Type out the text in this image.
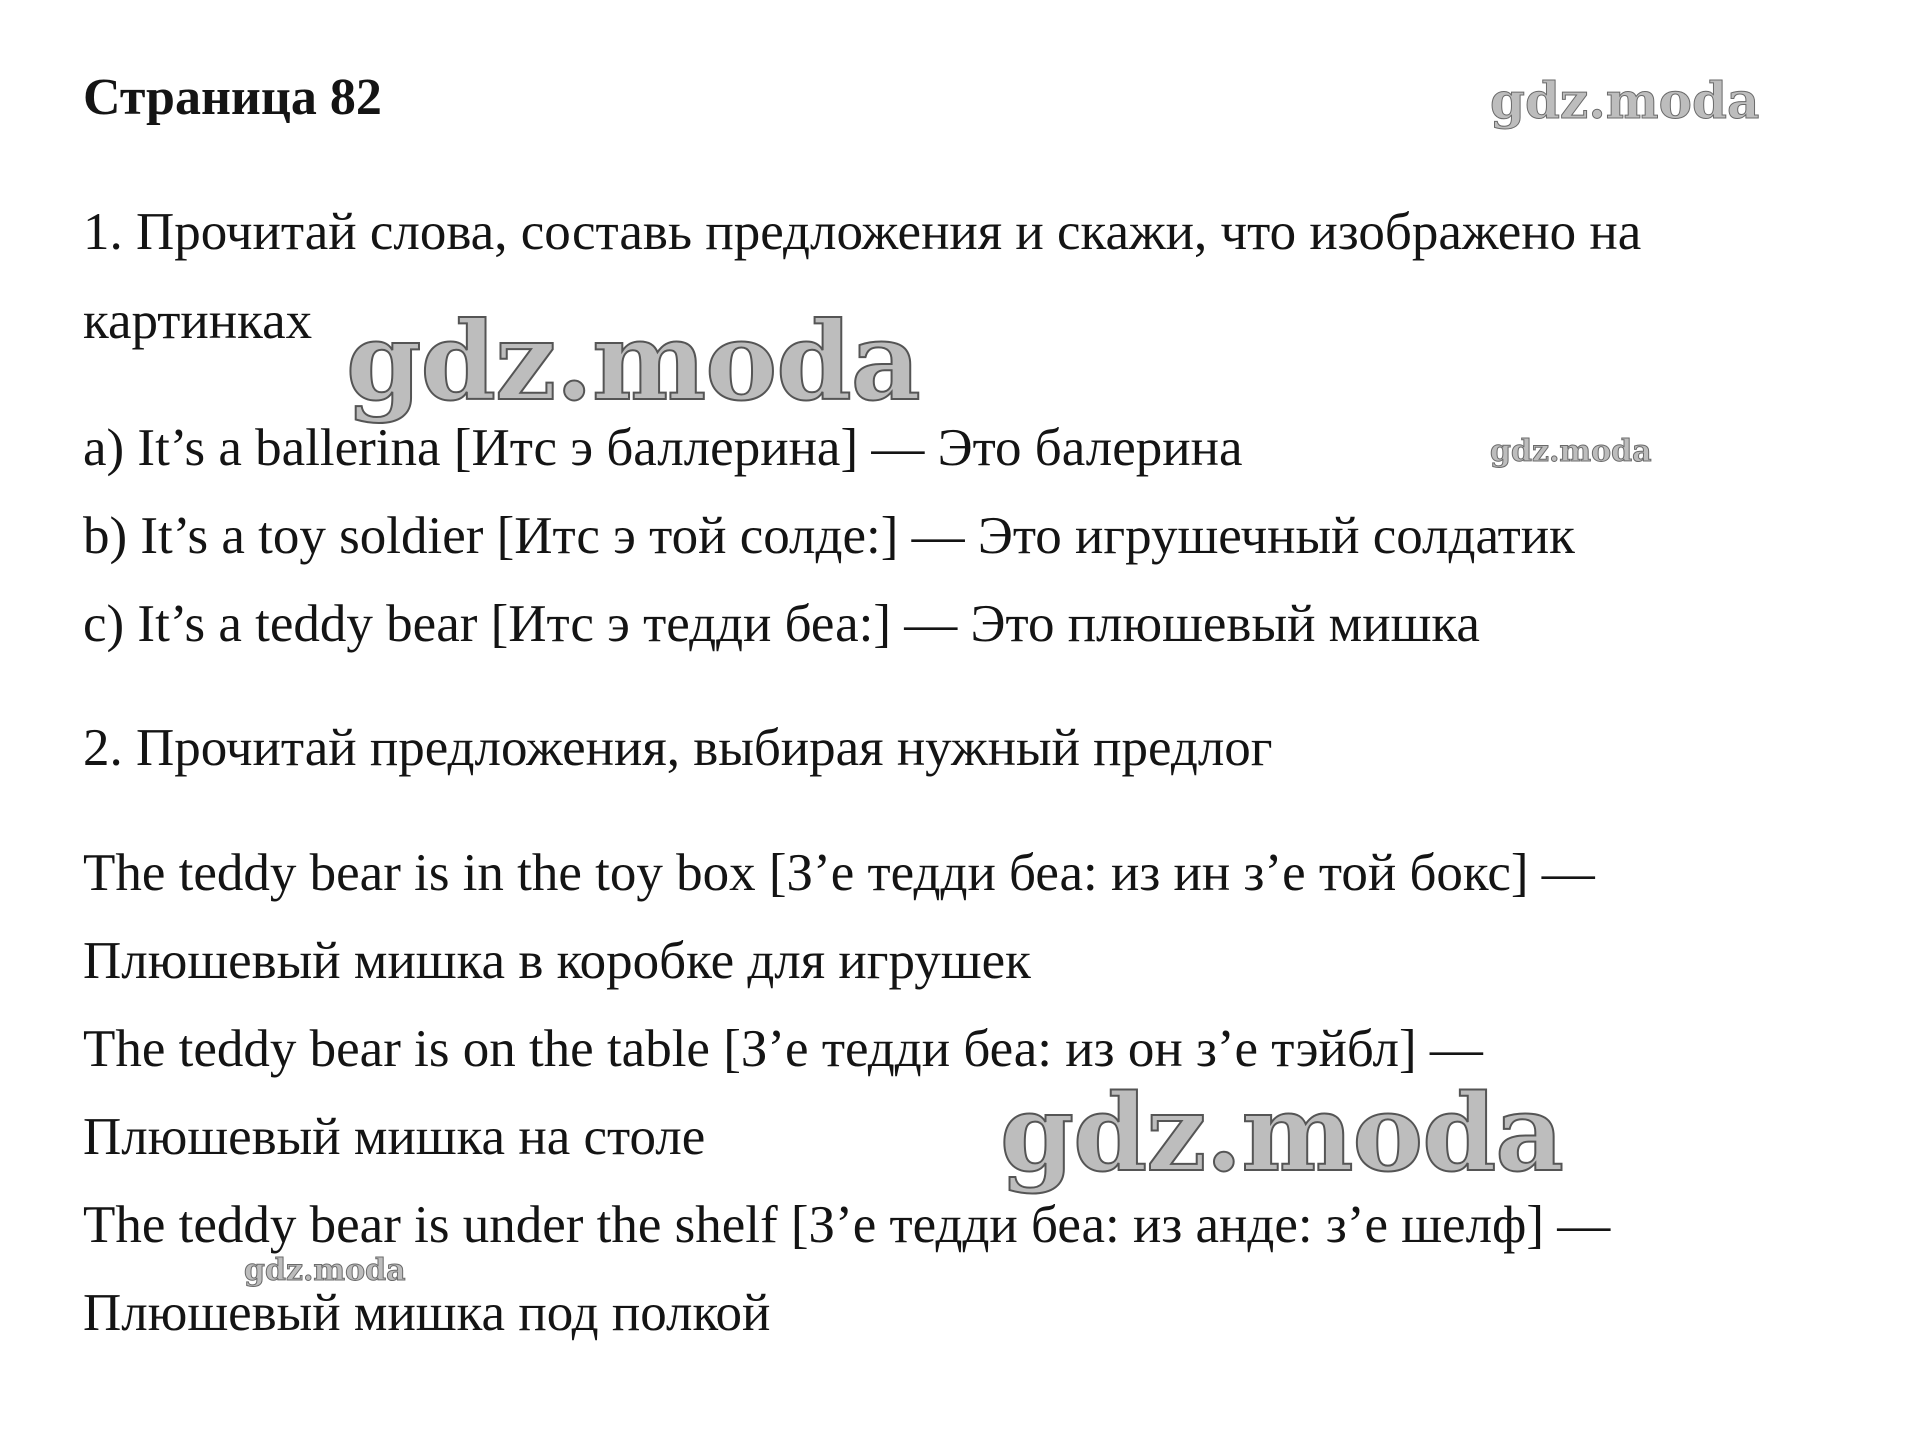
Страница 82	gdz.moda
1. Прочитай слова, составь предложения и скажи, что изображено на
картинках gdz.moda
a) It’s a ballerina [Итс э баллерина] — Это балерина
b) It’s a toy soldier [Итс э той солде:] — Это игрушечный солдатик
c) It’s a teddy bear [Итс э тедди беа:] — Это плюшевый мишка
gdz.moda
2. Прочитай предложения, выбирая нужный предлог
The teddy bear is in the toy box [З’е тедди беа: из ин з’е той бокс] —
Плюшевый мишка в коробке для игрушек
The teddy bear is on the table [З’е тедди беа: из он з’е тэйбл] —
Плюшевый мишка на столе
The teddy bear is under the shelf [З’е тедди беа: из анде: з’е шелф] —
Плюшевый мишка под полкой
gdz.moda
gdz.moda
